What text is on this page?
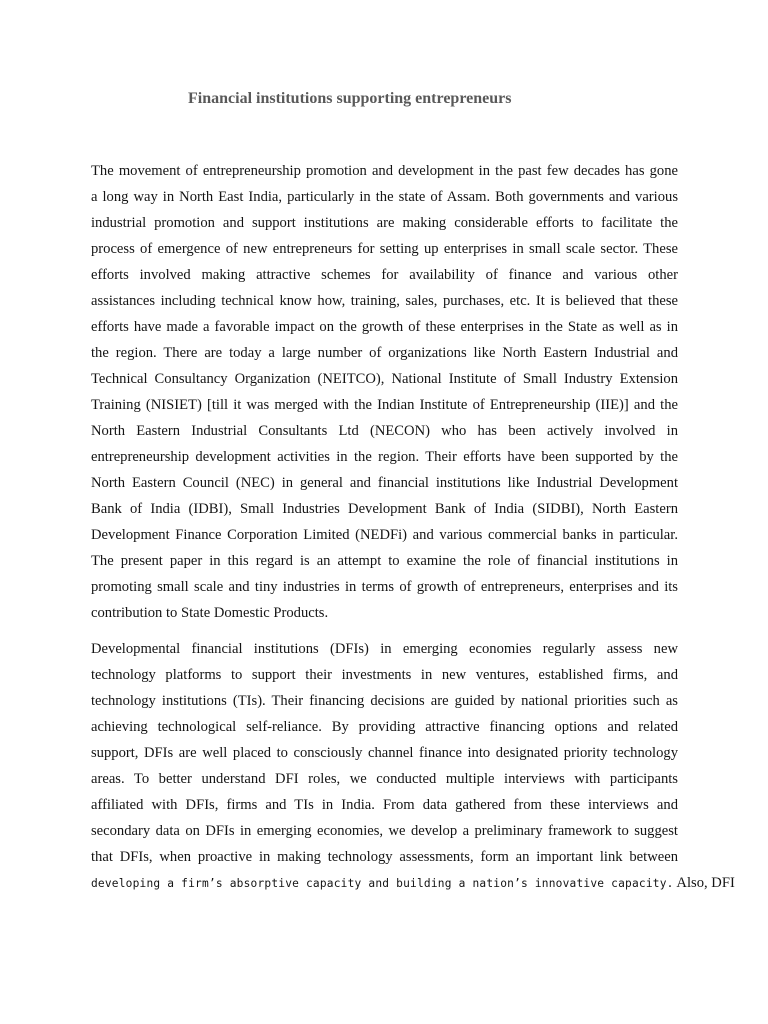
Financial institutions supporting entrepreneurs

The movement of entrepreneurship promotion and development in the past few decades has gone
a long way in North East India, particularly in the state of Assam. Both governments and various
industrial promotion and support institutions are making considerable efforts to facilitate the
process of emergence of new entrepreneurs for setting up enterprises in small scale sector. These
efforts involved making attractive schemes for availability of finance and various other
assistances including technical know how, training, sales, purchases, etc. It is believed that these
efforts have made a favorable impact on the growth of these enterprises in the State as well as in
the region. There are today a large number of organizations like North Eastern Industrial and
Technical Consultancy Organization (NEITCO), National Institute of Small Industry Extension
Training (NISIET) [till it was merged with the Indian Institute of Entrepreneurship (IIE)] and the
North Eastern Industrial Consultants Ltd (NECON) who has been actively involved in
entrepreneurship development activities in the region. Their efforts have been supported by the
North Eastern Council (NEC) in general and financial institutions like Industrial Development
Bank of India (IDBI), Small Industries Development Bank of India (SIDBI), North Eastern
Development Finance Corporation Limited (NEDFi) and various commercial banks in particular.
The present paper in this regard is an attempt to examine the role of financial institutions in
promoting small scale and tiny industries in terms of growth of entrepreneurs, enterprises and its
contribution to State Domestic Products.

Developmental financial institutions (DFIs) in emerging economies regularly assess new
technology platforms to support their investments in new ventures, established firms, and
technology institutions (TIs). Their financing decisions are guided by national priorities such as
achieving technological self-reliance. By providing attractive financing options and related
support, DFIs are well placed to consciously channel finance into designated priority technology
areas. To better understand DFI roles, we conducted multiple interviews with participants
affiliated with DFIs, firms and TIs in India. From data gathered from these interviews and
secondary data on DFIs in emerging economies, we develop a preliminary framework to suggest
that DFIs, when proactive in making technology assessments, form an important link between
developing a firm’s absorptive capacity and building a nation’s innovative capacity. Also, DFI
